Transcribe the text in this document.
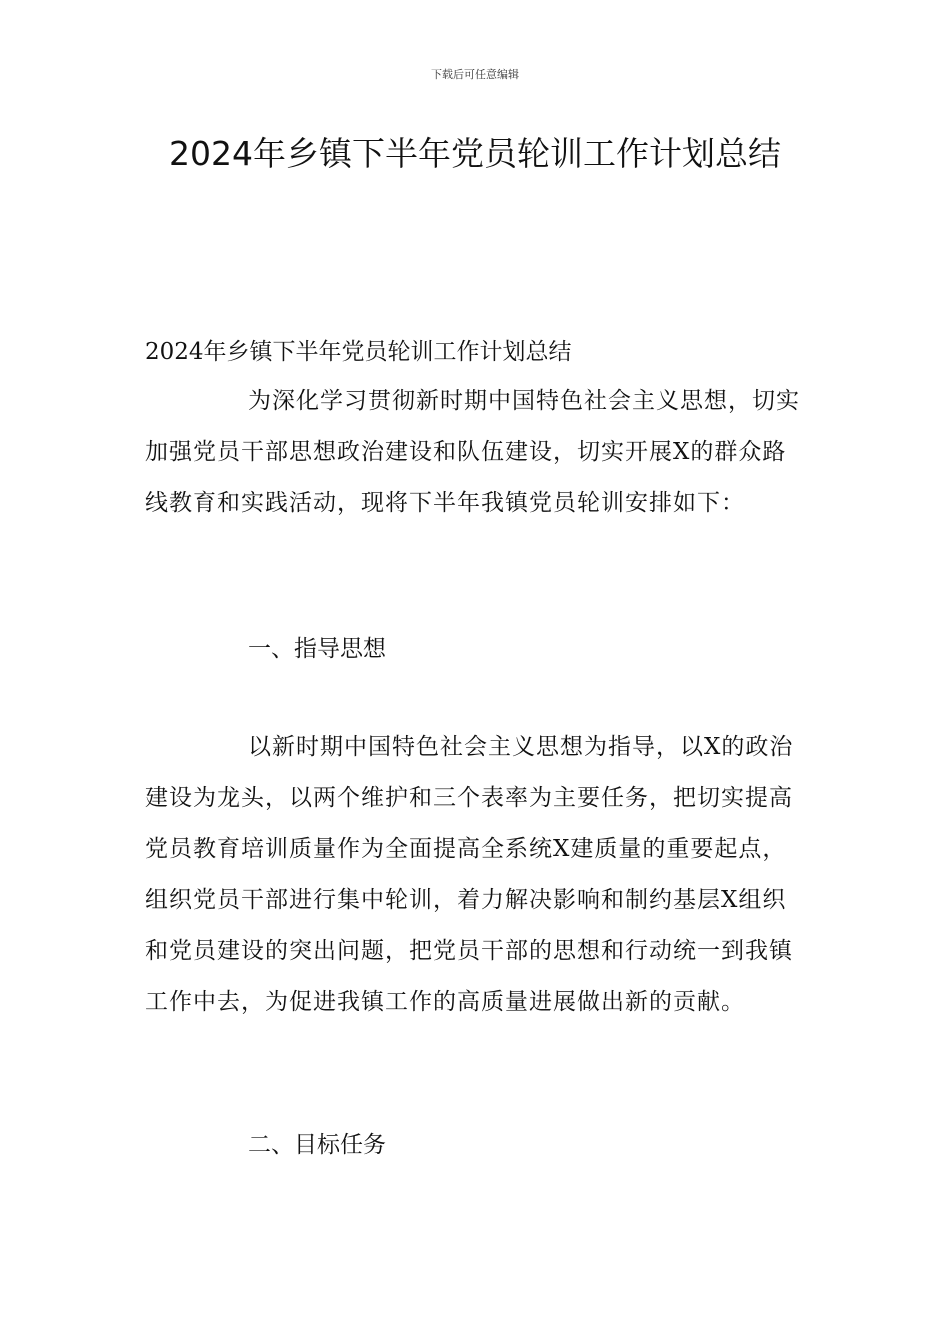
下载后可任意编辑
2024年乡镇下半年党员轮训工作计划总结
2024年乡镇下半年党员轮训工作计划总结

为深化学习贯彻新时期中国特色社会主义思想，切实加强党员干部思想政治建设和队伍建设，切实开展X的群众路线教育和实践活动，现将下半年我镇党员轮训安排如下：

一、指导思想

以新时期中国特色社会主义思想为指导，以X的政治建设为龙头，以两个维护和三个表率为主要任务，把切实提高党员教育培训质量作为全面提高全系统X建质量的重要起点，组织党员干部进行集中轮训，着力解决影响和制约基层X组织和党员建设的突出问题，把党员干部的思想和行动统一到我镇工作中去，为促进我镇工作的高质量进展做出新的贡献。

二、目标任务
